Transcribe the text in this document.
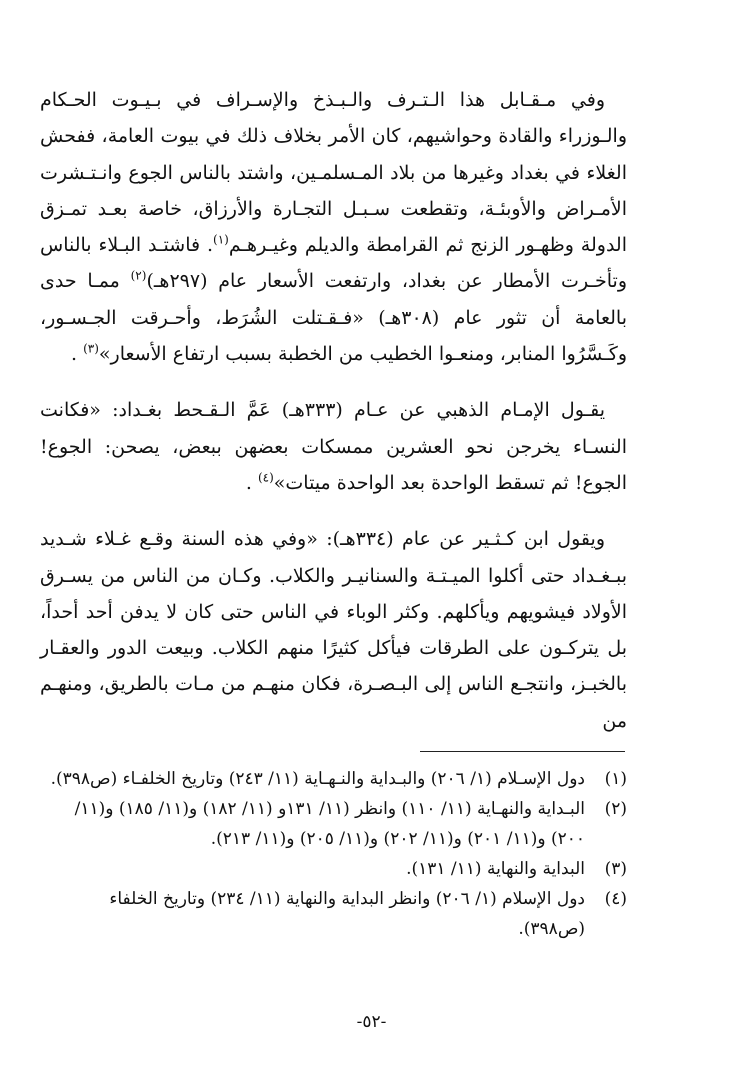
وفي مـقـابل هذا الـتـرف والـبـذخ والإسـراف في بـيـوت الحـكام والـوزراء والقادة وحواشيهم، كان الأمر بخلاف ذلك في بيوت العامة، ففحش الغلاء في بغداد وغيرها من بلاد المـسلمـين، واشتد بالناس الجوع وانـتـشرت الأمـراض والأوبئـة، وتقطعت سـبـل التجـارة والأرزاق، خاصة بعـد تمـزق الدولة وظهـور الزنج ثم القرامطة والديلم وغيـرهـم$^{(١)}$. فاشتـد البـلاء بالناس وتأخـرت الأمطار عن بغداد، وارتفعت الأسعار عام (٢٩٧هـ)$^{(٢)}$ ممـا حدى بالعامة أن تثور عام (٣٠٨هـ) «فـقـتلت الشُرَط، وأحـرقت الجـسـور، وكَـسَّرُوا المنابر، ومنعـوا الخطيب من الخطبة بسبب ارتفاع الأسعار»$^{(٣)}$ .

يقـول الإمـام الذهبي عن عـام (٣٣٣هـ) عَمَّ الـقـحط بغـداد: «فكانت النسـاء يخرجن نحو العشرين ممسكات بعضهن ببعض، يصحن: الجوع! الجوع! ثم تسقط الواحدة بعد الواحدة ميتات»$^{(٤)}$ .

ويقول ابن كـثـير عن عام (٣٣٤هـ): «وفي هذه السنة وقـع غـلاء شـديد ببـغـداد حتى أكلوا الميـتـة والسنانيـر والكلاب. وكـان من الناس من يسـرق الأولاد فيشويهم ويأكلهم. وكثر الوباء في الناس حتى كان لا يدفن أحد أحداً، بل يتركـون على الطرقات فيأكل كثيرًا منهم الكلاب. وبيعت الدور والعقـار بالخبـز، وانتجـع الناس إلى البـصـرة، فكان منهـم من مـات بالطريق، ومنهـم من

(١)
دول الإسـلام (١/ ٢٠٦) والبـداية والنـهـاية (١١/ ٢٤٣) وتاريخ الخلفـاء (ص٣٩٨).
(٢)
البـداية والنهـاية (١١/ ١١٠) وانظر (١١/ ١٣١و (١١/ ١٨٢) و(١١/ ١٨٥) و(١١/ ٢٠٠) و(١١/ ٢٠١) و(١١/ ٢٠٢) و(١١/ ٢٠٥) و(١١/ ٢١٣).
(٣)
البداية والنهاية (١١/ ١٣١).
(٤)
دول الإسلام (١/ ٢٠٦) وانظر البداية والنهاية (١١/ ٢٣٤) وتاريخ الخلفاء (ص٣٩٨).
-٥٢-
